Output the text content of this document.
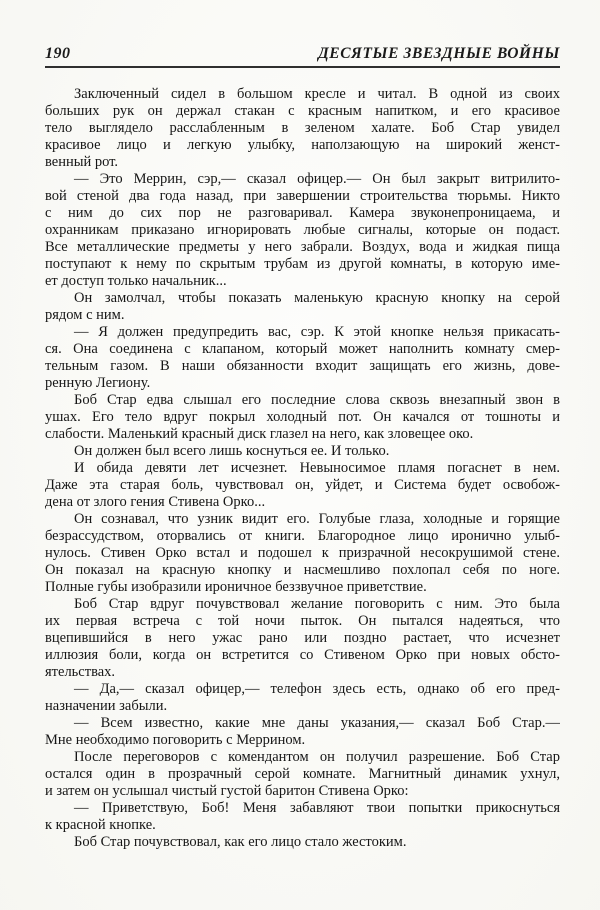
190	ДЕСЯТЫЕ ЗВЕЗДНЫЕ ВОЙНЫ
Заключенный сидел в большом кресле и читал. В одной из своих
больших рук он держал стакан с красным напитком, и его красивое
тело выглядело расслабленным в зеленом халате. Боб Стар увидел
красивое лицо и легкую улыбку, наползающую на широкий женст-
венный рот.
— Это Меррин, сэр,— сказал офицер.— Он был закрыт витрилито-
вой стеной два года назад, при завершении строительства тюрьмы. Никто
с ним до сих пор не разговаривал. Камера звуконепроницаема, и
охранникам приказано игнорировать любые сигналы, которые он подаст.
Все металлические предметы у него забрали. Воздух, вода и жидкая пища
поступают к нему по скрытым трубам из другой комнаты, в которую име-
ет доступ только начальник...
Он замолчал, чтобы показать маленькую красную кнопку на серой
рядом с ним.
— Я должен предупредить вас, сэр. К этой кнопке нельзя прикасать-
ся. Она соединена с клапаном, который может наполнить комнату смер-
тельным газом. В наши обязанности входит защищать его жизнь, дове-
ренную Легиону.
Боб Стар едва слышал его последние слова сквозь внезапный звон в
ушах. Его тело вдруг покрыл холодный пот. Он качался от тошноты и
слабости. Маленький красный диск глазел на него, как зловещее око.
Он должен был всего лишь коснуться ее. И только.
И обида девяти лет исчезнет. Невыносимое пламя погаснет в нем.
Даже эта старая боль, чувствовал он, уйдет, и Система будет освобож-
дена от злого гения Стивена Орко...
Он сознавал, что узник видит его. Голубые глаза, холодные и горящие
безрассудством, оторвались от книги. Благородное лицо иронично улыб-
нулось. Стивен Орко встал и подошел к призрачной несокрушимой стене.
Он показал на красную кнопку и насмешливо похлопал себя по ноге.
Полные губы изобразили ироничное беззвучное приветствие.
Боб Стар вдруг почувствовал желание поговорить с ним. Это была
их первая встреча с той ночи пыток. Он пытался надеяться, что
вцепившийся в него ужас рано или поздно растает, что исчезнет
иллюзия боли, когда он встретится со Стивеном Орко при новых обсто-
ятельствах.
— Да,— сказал офицер,— телефон здесь есть, однако об его пред-
назначении забыли.
— Всем известно, какие мне даны указания,— сказал Боб Стар.—
Мне необходимо поговорить с Меррином.
После переговоров с комендантом он получил разрешение. Боб Стар
остался один в прозрачный серой комнате. Магнитный динамик ухнул,
и затем он услышал чистый густой баритон Стивена Орко:
— Приветствую, Боб! Меня забавляют твои попытки прикоснуться
к красной кнопке.
Боб Стар почувствовал, как его лицо стало жестоким.
